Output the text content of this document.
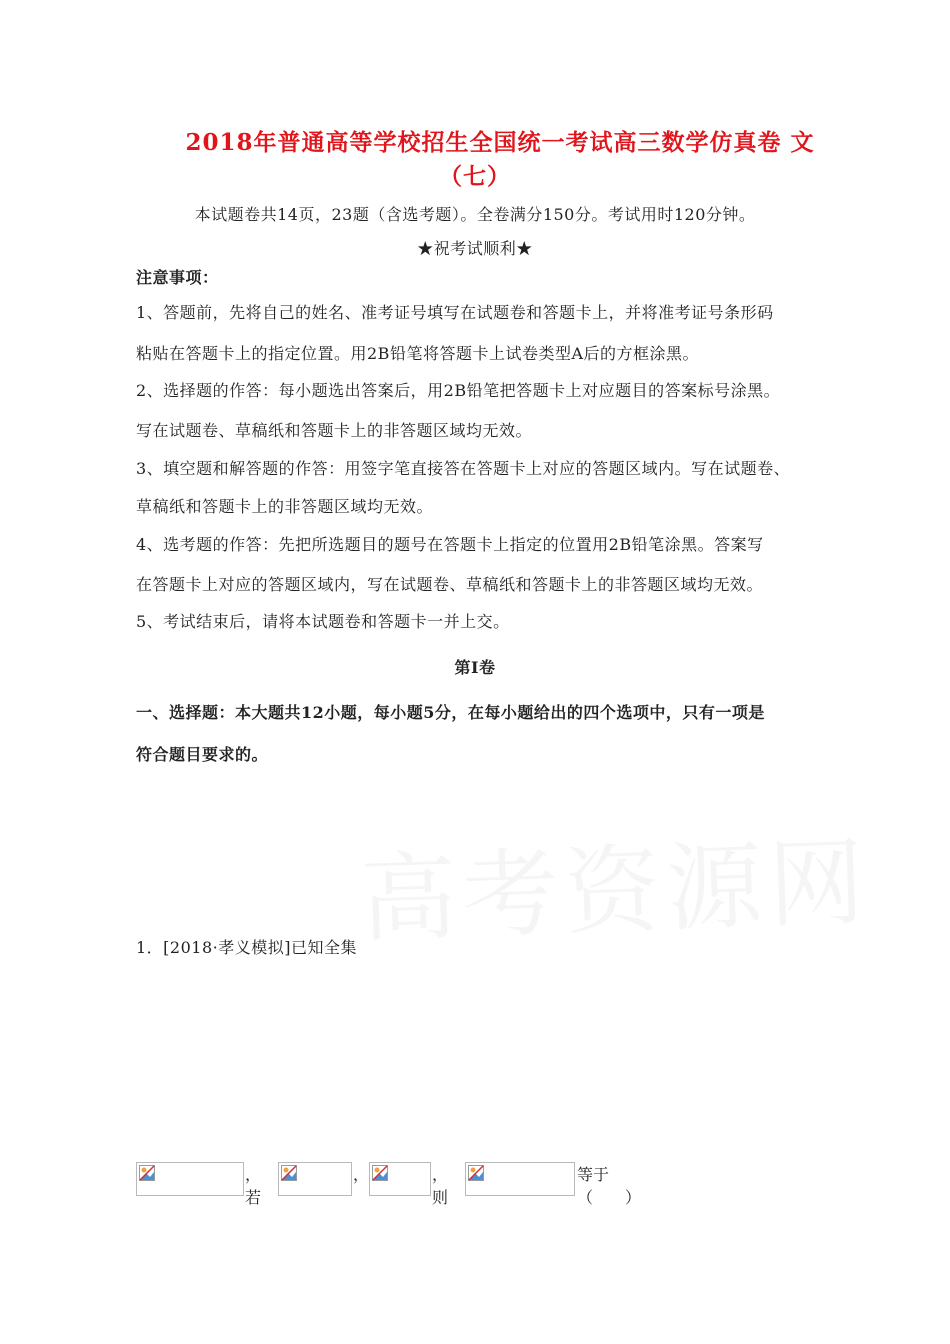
2018年普通高等学校招生全国统一考试高三数学仿真卷 文
（七）
本试题卷共14页，23题（含选考题）。全卷满分150分。考试用时120分钟。
★祝考试顺利★
注意事项：
1、答题前，先将自己的姓名、准考证号填写在试题卷和答题卡上，并将准考证号条形码
粘贴在答题卡上的指定位置。用2B铅笔将答题卡上试卷类型A后的方框涂黑。
2、选择题的作答：每小题选出答案后，用2B铅笔把答题卡上对应题目的答案标号涂黑。
写在试题卷、草稿纸和答题卡上的非答题区域均无效。
3、填空题和解答题的作答：用签字笔直接答在答题卡上对应的答题区域内。写在试题卷、
草稿纸和答题卡上的非答题区域均无效。
4、选考题的作答：先把所选题目的题号在答题卡上指定的位置用2B铅笔涂黑。答案写
在答题卡上对应的答题区域内，写在试题卷、草稿纸和答题卡上的非答题区域均无效。
5、考试结束后，请将本试题卷和答题卡一并上交。
第Ⅰ卷
一、选择题：本大题共12小题，每小题5分，在每小题给出的四个选项中，只有一项是
符合题目要求的。
1．[2018·孝义模拟]已知全集
，若
，	，则
等于（　　）
